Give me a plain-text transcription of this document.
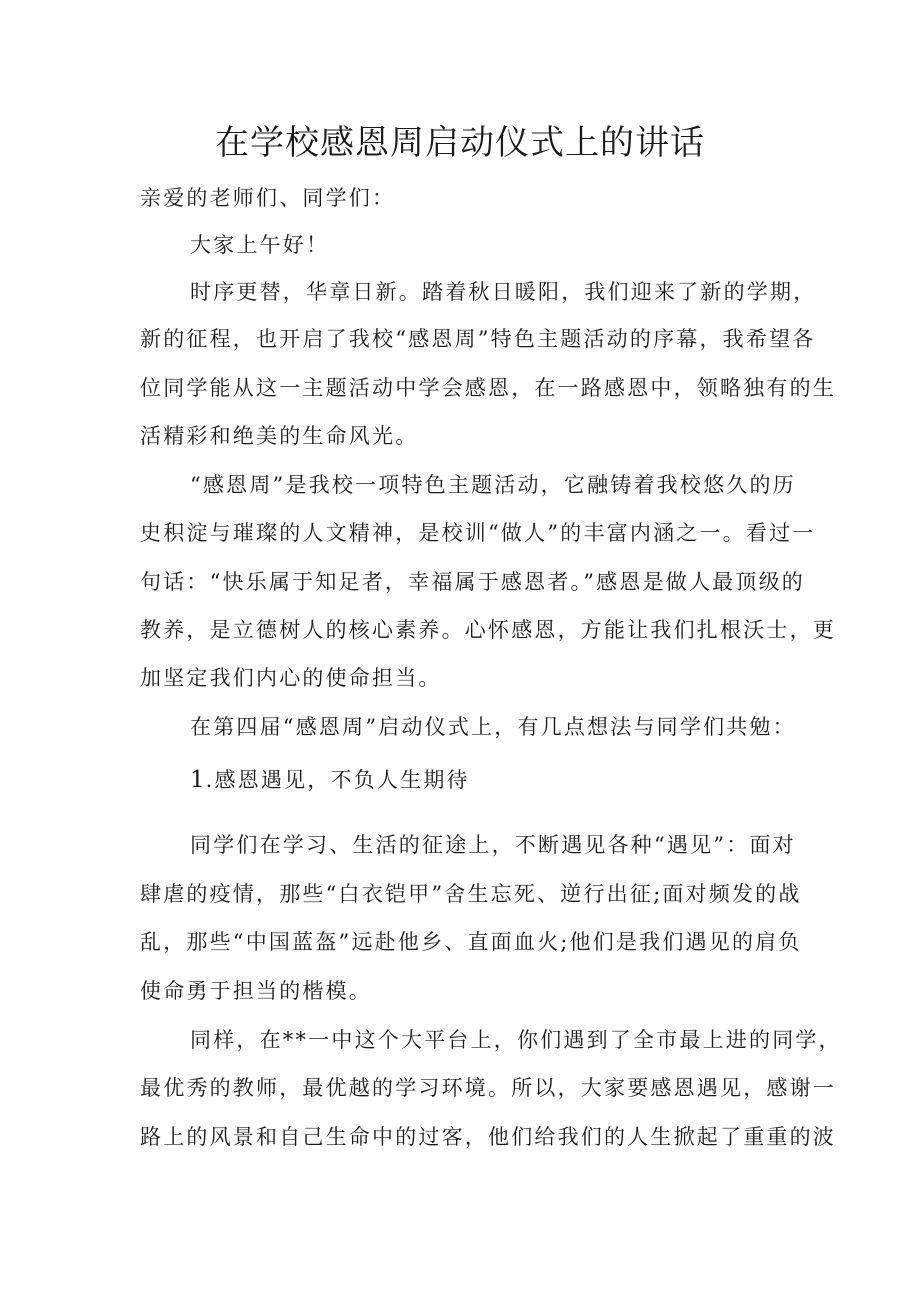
在学校感恩周启动仪式上的讲话
亲爱的老师们、同学们：
大家上午好！
时序更替，华章日新。踏着秋日暖阳，我们迎来了新的学期，
新的征程，也开启了我校“感恩周”特色主题活动的序幕，我希望各
位同学能从这一主题活动中学会感恩，在一路感恩中，领略独有的生
活精彩和绝美的生命风光。
“感恩周”是我校一项特色主题活动，它融铸着我校悠久的历
史积淀与璀璨的人文精神，是校训“做人”的丰富内涵之一。看过一
句话：“快乐属于知足者，幸福属于感恩者。”感恩是做人最顶级的
教养，是立德树人的核心素养。心怀感恩，方能让我们扎根沃士，更
加坚定我们内心的使命担当。
在第四届“感恩周”启动仪式上，有几点想法与同学们共勉：
1.感恩遇见，不负人生期待
同学们在学习、生活的征途上，不断遇见各种“遇见”：面对
肆虐的疫情，那些“白衣铠甲”舍生忘死、逆行出征;面对频发的战
乱，那些“中国蓝盔”远赴他乡、直面血火;他们是我们遇见的肩负
使命勇于担当的楷模。
同样，在**一中这个大平台上，你们遇到了全市最上进的同学，
最优秀的教师，最优越的学习环境。所以，大家要感恩遇见，感谢一
路上的风景和自己生命中的过客，他们给我们的人生掀起了重重的波
